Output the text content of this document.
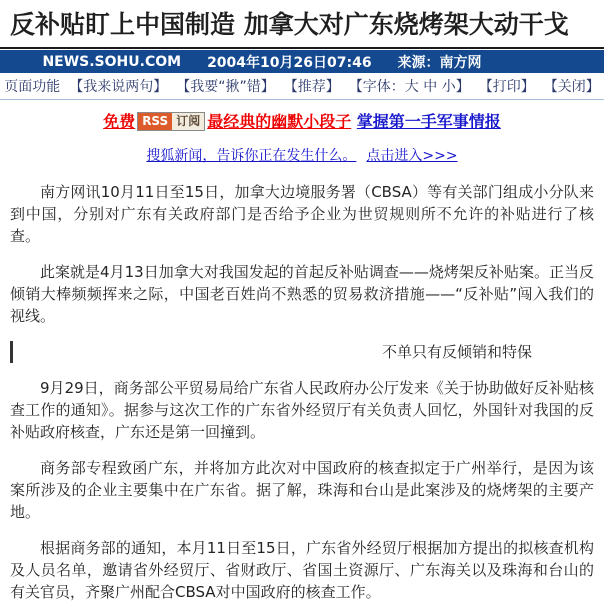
反补贴盯上中国制造 加拿大对广东烧烤架大动干戈
NEWS.SOHU.COM 2004年10月26日07:46 来源：南方网
页面功能 【我来说两句】 【我要“揪”错】 【推荐】 【字体：大 中 小】 【打印】 【关闭】
免费 RSS 订阅 最经典的幽默小段子 掌握第一手军事情报
搜狐新闻，告诉你正在发生什么。 点击进入>>>

南方网讯10月11日至15日，加拿大边境服务署（CBSA）等有关部门组成小分队来到中国，分别对广东有关政府部门是否给予企业为世贸规则所不允许的补贴进行了核查。

此案就是4月13日加拿大对我国发起的首起反补贴调查——烧烤架反补贴案。正当反倾销大棒频频挥来之际，中国老百姓尚不熟悉的贸易救济措施——“反补贴”闯入我们的视线。

不单只有反倾销和特保

9月29日，商务部公平贸易局给广东省人民政府办公厅发来《关于协助做好反补贴核查工作的通知》。据参与这次工作的广东省外经贸厅有关负责人回忆，外国针对我国的反补贴政府核查，广东还是第一回撞到。

商务部专程致函广东，并将加方此次对中国政府的核查拟定于广州举行，是因为该案所涉及的企业主要集中在广东省。据了解，珠海和台山是此案涉及的烧烤架的主要产地。

根据商务部的通知，本月11日至15日，广东省外经贸厅根据加方提出的拟核查机构及人员名单，邀请省外经贸厅、省财政厅、省国土资源厅、广东海关以及珠海和台山的有关官员，齐聚广州配合CBSA对中国政府的核查工作。
